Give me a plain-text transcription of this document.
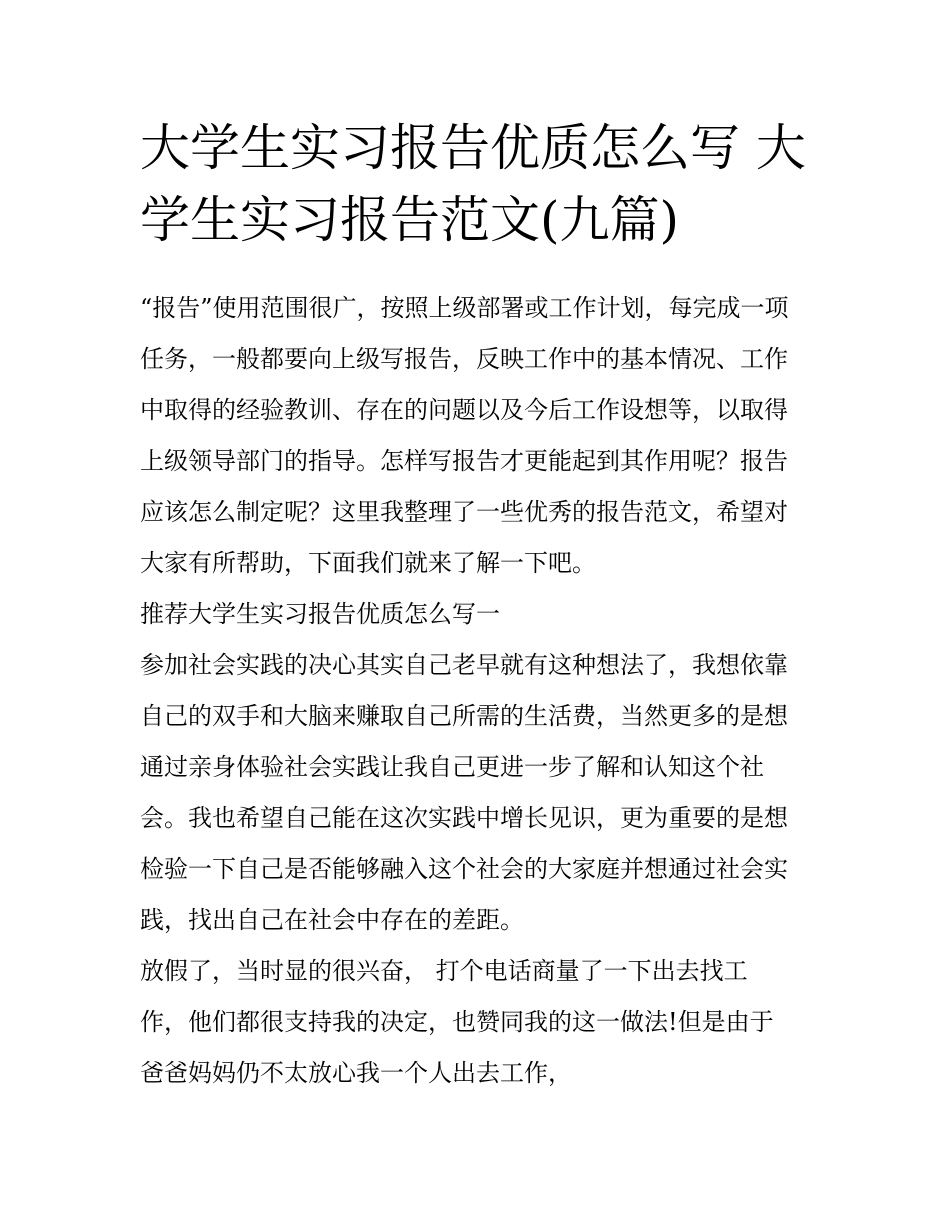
大学生实习报告优质怎么写 大
学生实习报告范文(九篇)
“报告”使用范围很广，按照上级部署或工作计划，每完成一项
任务，一般都要向上级写报告，反映工作中的基本情况、工作
中取得的经验教训、存在的问题以及今后工作设想等，以取得
上级领导部门的指导。怎样写报告才更能起到其作用呢？报告
应该怎么制定呢？这里我整理了一些优秀的报告范文，希望对
大家有所帮助，下面我们就来了解一下吧。
推荐大学生实习报告优质怎么写一
参加社会实践的决心其实自己老早就有这种想法了，我想依靠
自己的双手和大脑来赚取自己所需的生活费，当然更多的是想
通过亲身体验社会实践让我自己更进一步了解和认知这个社
会。我也希望自己能在这次实践中增长见识，更为重要的是想
检验一下自己是否能够融入这个社会的大家庭并想通过社会实
践，找出自己在社会中存在的差距。
放假了，当时显的很兴奋， 打个电话商量了一下出去找工
作，他们都很支持我的决定，也赞同我的这一做法!但是由于
爸爸妈妈仍不太放心我一个人出去工作，
